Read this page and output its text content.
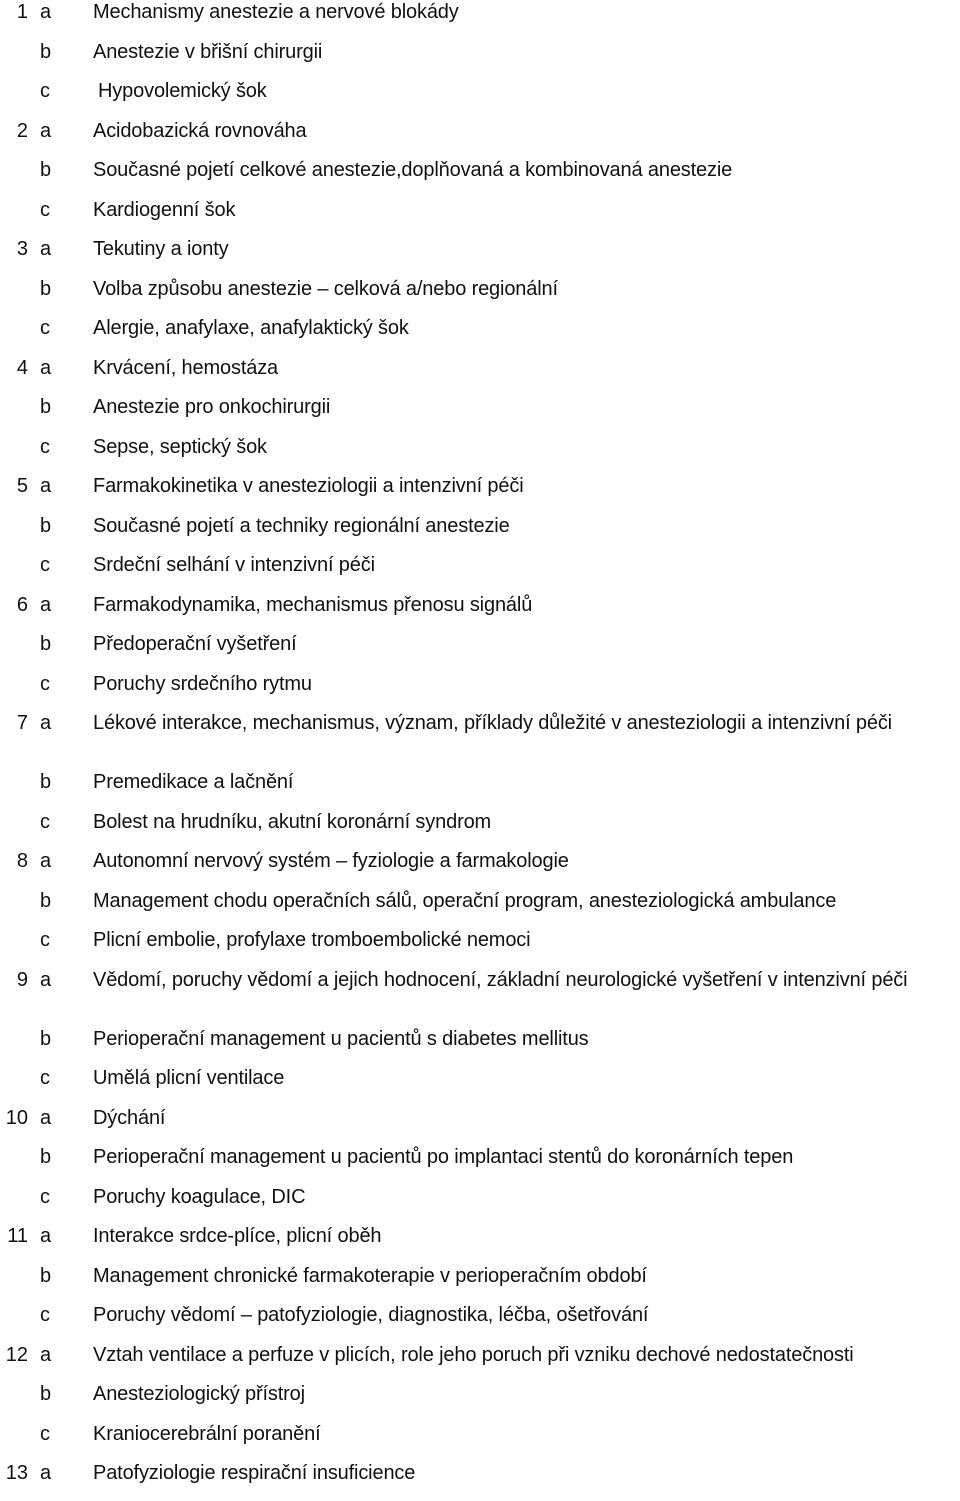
1 a	Mechanismy anestezie a nervové blokády
b	Anestezie v břišní chirurgii
c	Hypovolemický šok
2 a	Acidobazická rovnováha
b	Současné pojetí celkové anestezie,doplňovaná a kombinovaná anestezie
c	Kardiogenní šok
3 a	Tekutiny a ionty
b	Volba způsobu anestezie – celková a/nebo regionální
c	Alergie, anafylaxe, anafylaktický šok
4 a	Krvácení, hemostáza
b	Anestezie pro onkochirurgii
c	Sepse, septický šok
5 a	Farmakokinetika v anesteziologii a intenzivní péči
b	Současné pojetí a techniky regionální anestezie
c	Srdeční selhání v intenzivní péči
6 a	Farmakodynamika, mechanismus přenosu signálů
b	Předoperační vyšetření
c	Poruchy srdečního rytmu
7 a	Lékové interakce, mechanismus, význam, příklady důležité v anesteziologii a intenzivní péči
b	Premedikace a lačnění
c	Bolest na hrudníku, akutní koronární syndrom
8 a	Autonomní nervový systém – fyziologie a farmakologie
b	Management chodu operačních sálů, operační program, anesteziologická ambulance
c	Plicní embolie, profylaxe tromboembolické nemoci
9 a	Vědomí, poruchy vědomí a jejich hodnocení, základní neurologické vyšetření v intenzivní péči
b	Perioperační management u pacientů s diabetes mellitus
c	Umělá plicní ventilace
10 a	Dýchání
b	Perioperační management u pacientů po implantaci stentů do koronárních tepen
c	Poruchy koagulace, DIC
11 a	Interakce srdce-plíce, plicní oběh
b	Management chronické farmakoterapie v perioperačním období
c	Poruchy vědomí – patofyziologie, diagnostika, léčba, ošetřování
12 a	Vztah ventilace a perfuze v plicích, role jeho poruch při vzniku dechové nedostatečnosti
b	Anesteziologický přístroj
c	Kraniocerebrální poranění
13 a	Patofyziologie respirační insuficience
